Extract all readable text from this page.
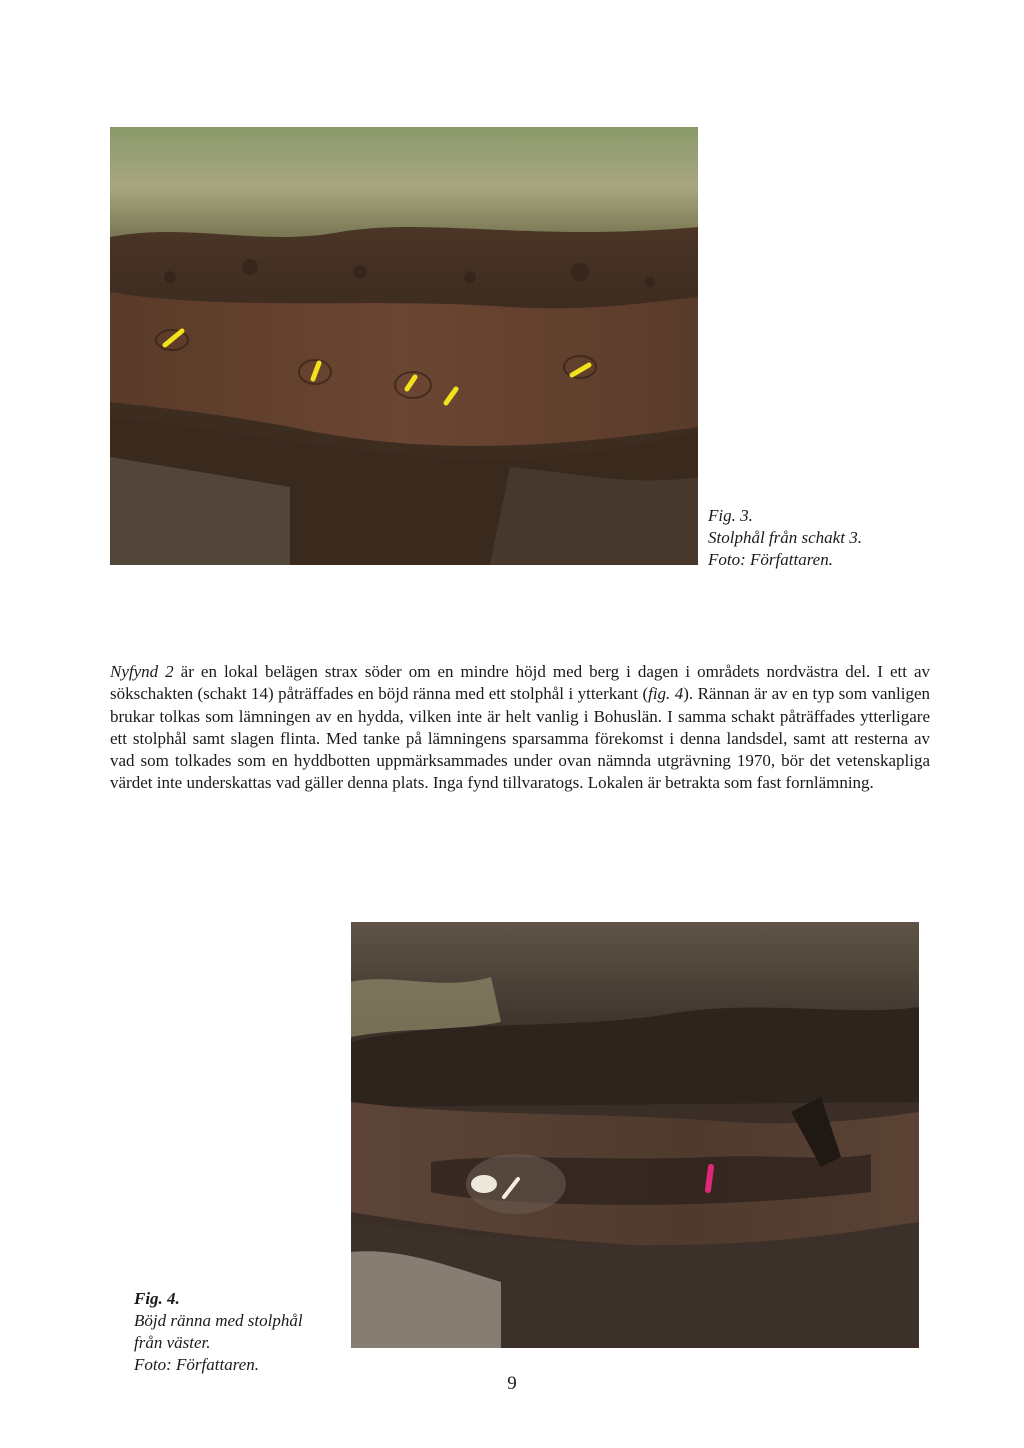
Fig. 3.
Stolphål från schakt 3.
Foto: Författaren.

Nyfynd 2 är en lokal belägen strax söder om en mindre höjd med berg i dagen i områdets nordvästra del. I ett av sökschakten (schakt 14) påträffades en böjd ränna med ett stolphål i ytterkant (fig. 4). Rännan är av en typ som vanligen brukar tolkas som lämningen av en hydda, vilken inte är helt vanlig i Bohuslän. I samma schakt påträffades ytterligare ett stolphål samt slagen flinta. Med tanke på lämningens sparsamma förekomst i denna landsdel, samt att resterna av vad som tolkades som en hyddbotten uppmärksammades under ovan nämnda utgrävning 1970, bör det vetenskapliga värdet inte underskattas vad gäller denna plats. Inga fynd tillvaratogs. Lokalen är betrakta som fast fornlämning.

Fig. 4.
Böjd ränna med stolphål
från väster.
Foto: Författaren.
9
